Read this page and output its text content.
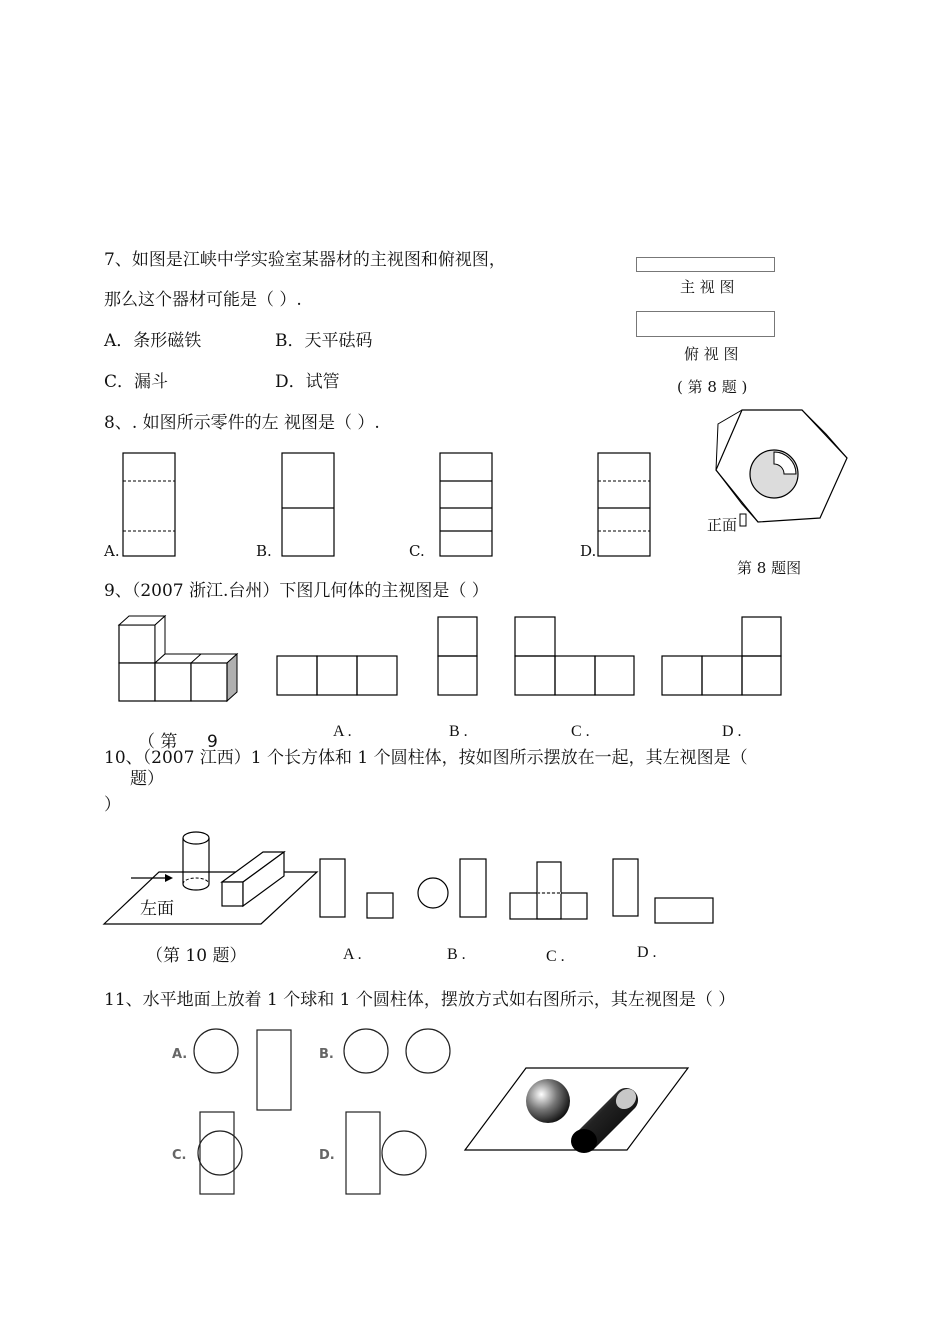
7、如图是江峡中学实验室某器材的主视图和俯视图，
那么这个器材可能是（ ）.
A．条形磁铁	B．天平砝码
C．漏斗	D．试管
主 视 图
俯 视 图
( 第 8 题 )
8、. 如图所示零件的左 视图是（ ）.
A.	B.	C.	D.
正面
第 8 题图
9、（2007 浙江.台州）下图几何体的主视图是（ ）
A .	B .	C .	D .
（ 第 9
题）
10、（2007 江西）1 个长方体和 1 个圆柱体，按如图所示摆放在一起，其左视图是（
）
左面
（第 10 题）	A .	B .	C .	D .
11、水平地面上放着 1 个球和 1 个圆柱体，摆放方式如右图所示，其左视图是（ ）
A.	B.
C.	D.
